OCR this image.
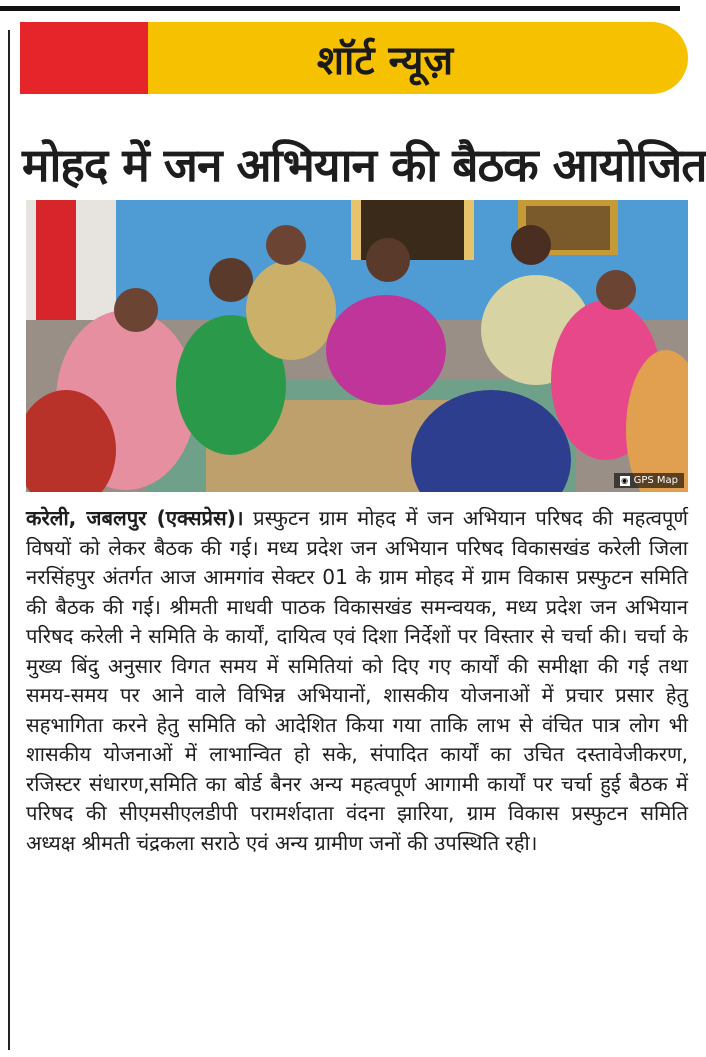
शॉर्ट न्यूज़
मोहद में जन अभियान की बैठक आयोजित
◉ GPS Map
करेली, जबलपुर (एक्सप्रेस)। प्रस्फुटन ग्राम मोहद में जन अभियान परिषद की महत्वपूर्ण विषयों को लेकर बैठक की गई। मध्य प्रदेश जन अभियान परिषद विकासखंड करेली जिला नरसिंहपुर अंतर्गत आज आमगांव सेक्टर 01 के ग्राम मोहद में ग्राम विकास प्रस्फुटन समिति की बैठक की गई। श्रीमती माधवी पाठक विकासखंड समन्वयक, मध्य प्रदेश जन अभियान परिषद करेली ने समिति के कार्यों, दायित्व एवं दिशा निर्देशों पर विस्तार से चर्चा की। चर्चा के मुख्य बिंदु अनुसार विगत समय में समितियां को दिए गए कार्यों की समीक्षा की गई तथा समय-समय पर आने वाले विभिन्न अभियानों, शासकीय योजनाओं में प्रचार प्रसार हेतु सहभागिता करने हेतु समिति को आदेशित किया गया ताकि लाभ से वंचित पात्र लोग भी शासकीय योजनाओं में लाभान्वित हो सके, संपादित कार्यों का उचित दस्तावेजीकरण, रजिस्टर संधारण,समिति का बोर्ड बैनर अन्य महत्वपूर्ण आगामी कार्यों पर चर्चा हुई बैठक में परिषद की सीएमसीएलडीपी परामर्शदाता वंदना झारिया, ग्राम विकास प्रस्फुटन समिति अध्यक्ष श्रीमती चंद्रकला सराठे एवं अन्य ग्रामीण जनों की उपस्थिति रही।
